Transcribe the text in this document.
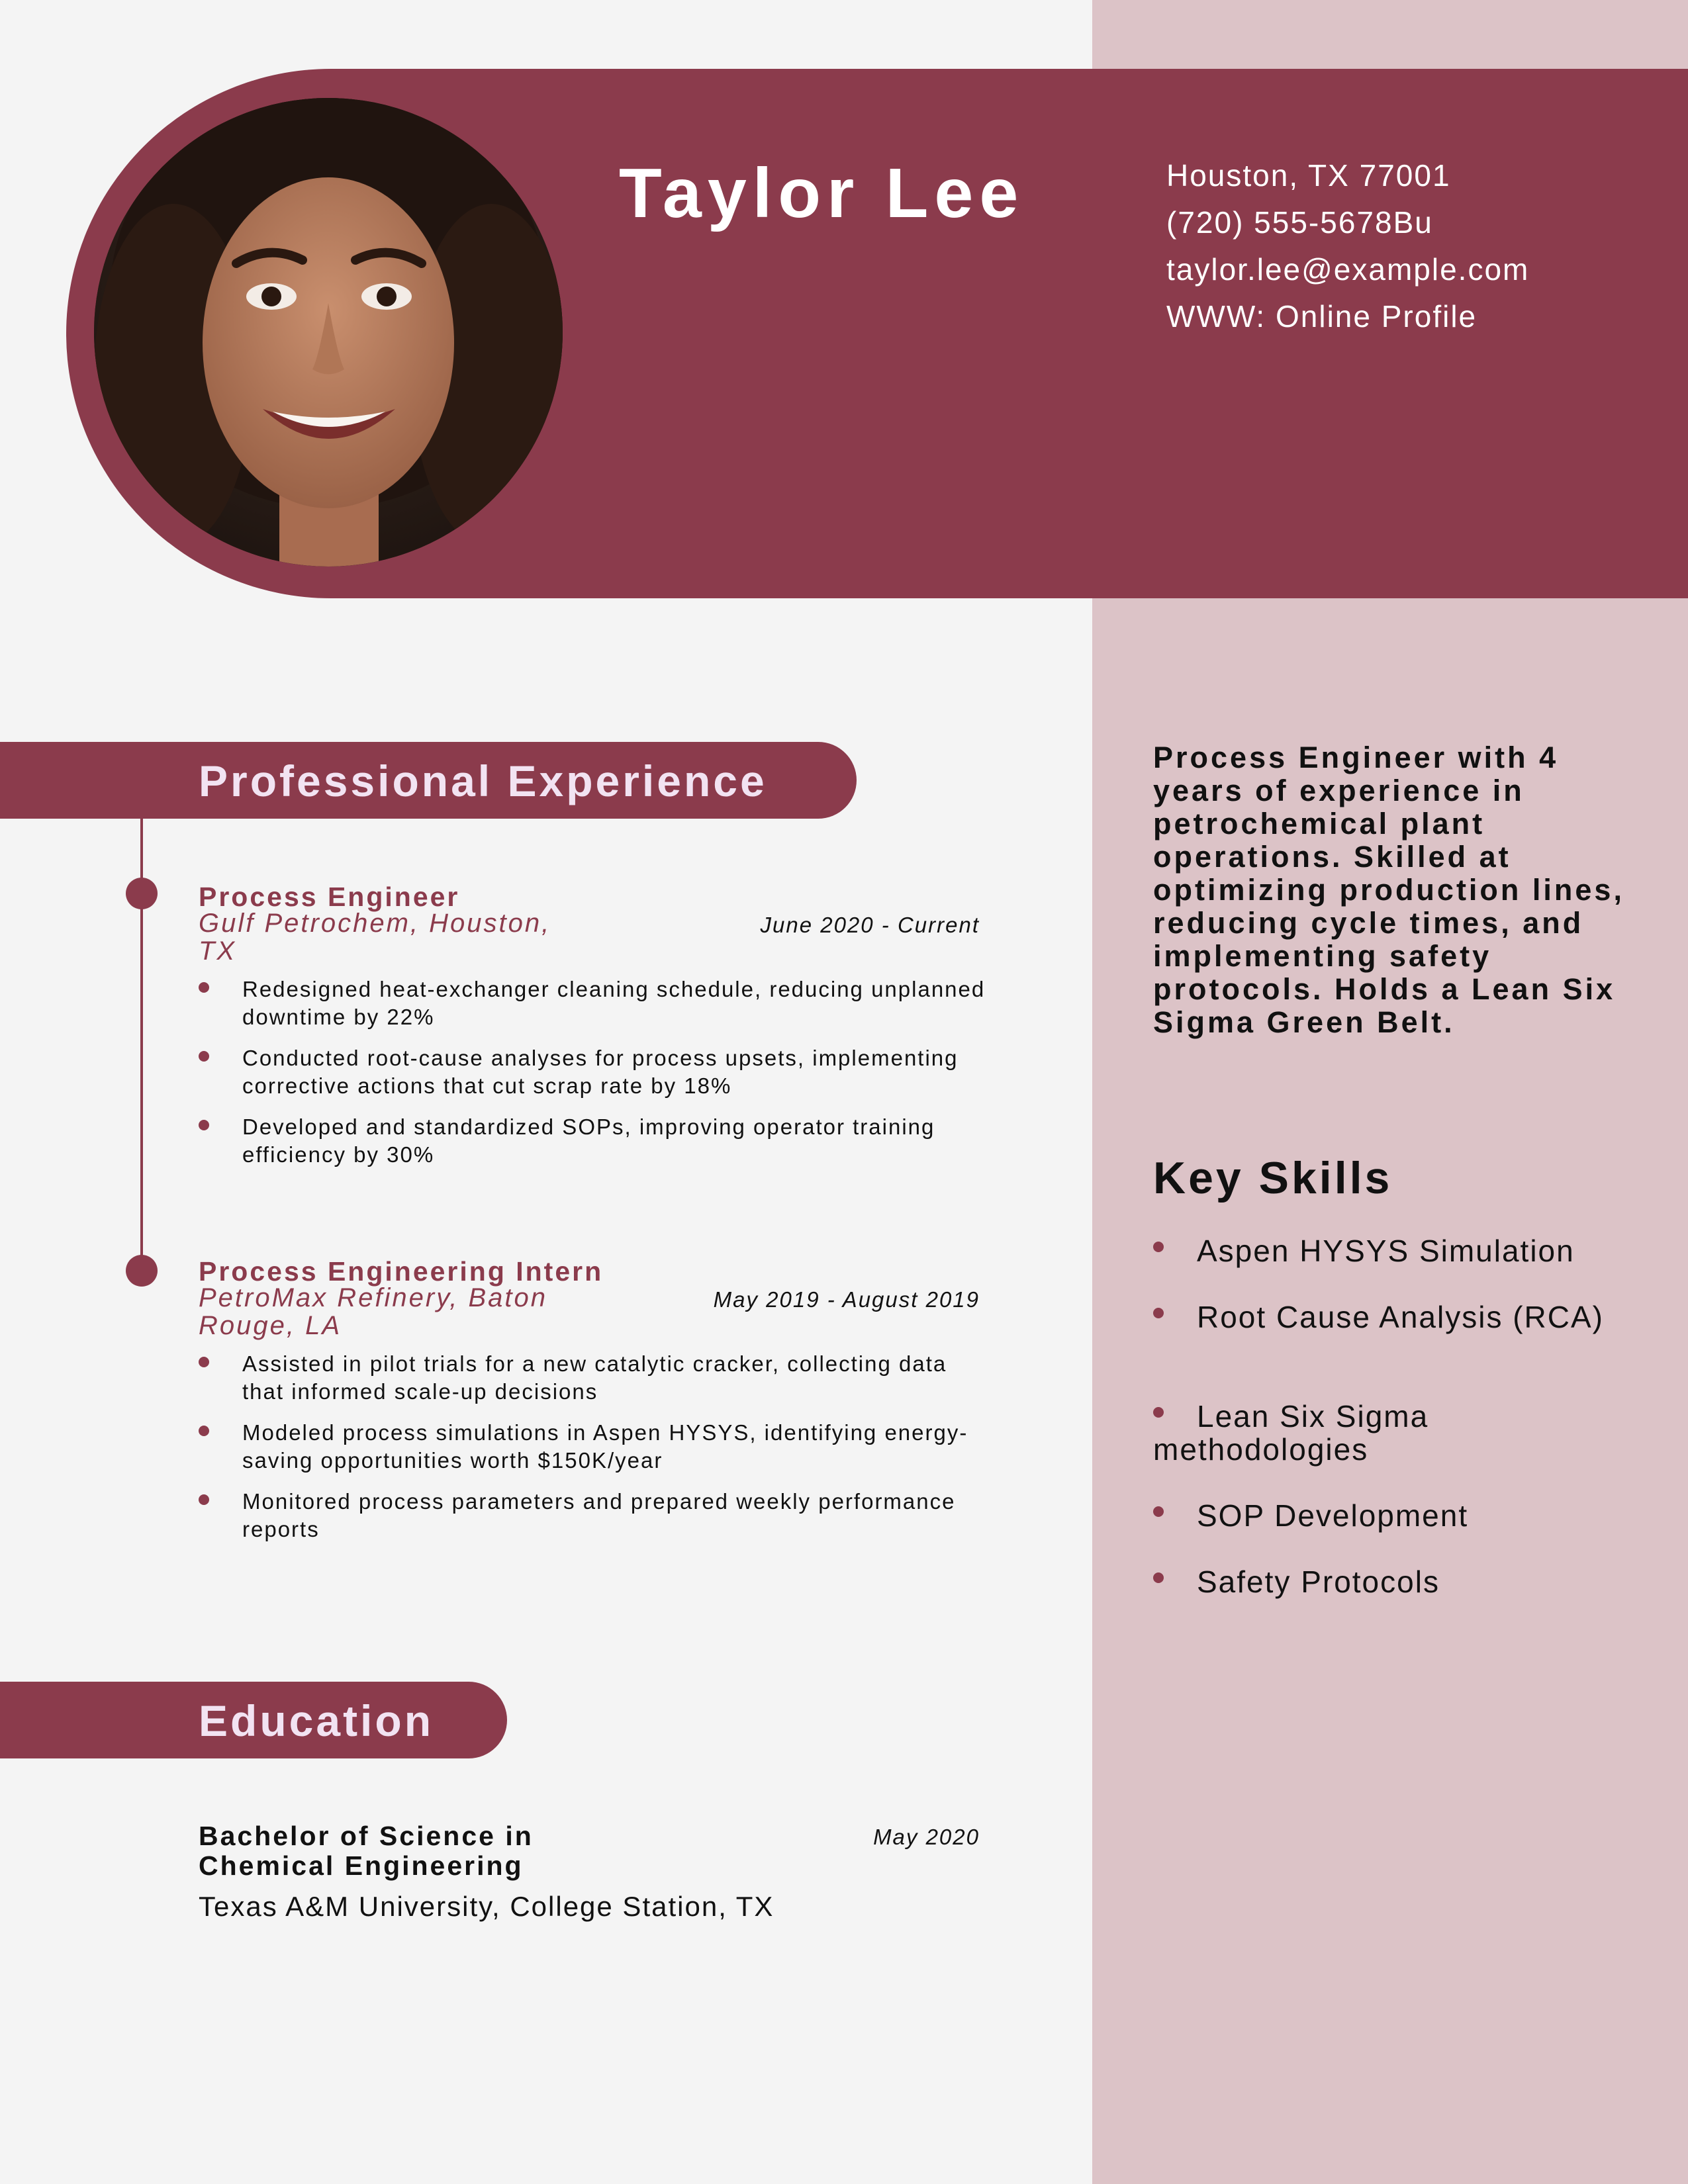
Taylor Lee	Houston, TX 77001
(720) 555-5678Bu
taylor.lee@example.com
WWW: Online Profile
Professional Experience
Process Engineer
Gulf Petrochem, Houston, TX
June 2020 - Current
Redesigned heat-exchanger cleaning schedule, reducing unplanned downtime by 22%
Conducted root-cause analyses for process upsets, implementing corrective actions that cut scrap rate by 18%
Developed and standardized SOPs, improving operator training efficiency by 30%
Process Engineering Intern
PetroMax Refinery, Baton Rouge, LA
May 2019 - August 2019
Assisted in pilot trials for a new catalytic cracker, collecting data that informed scale-up decisions
Modeled process simulations in Aspen HYSYS, identifying energy-saving opportunities worth $150K/year
Monitored process parameters and prepared weekly performance reports
Education
Bachelor of Science in Chemical Engineering
May 2020
Texas A&M University, College Station, TX
Process Engineer with 4 years of experience in petrochemical plant operations. Skilled at optimizing production lines, reducing cycle times, and implementing safety protocols. Holds a Lean Six Sigma Green Belt.
Key Skills
Aspen HYSYS Simulation
Root Cause Analysis (RCA)
Lean Six Sigma methodologies
SOP Development
Safety Protocols
